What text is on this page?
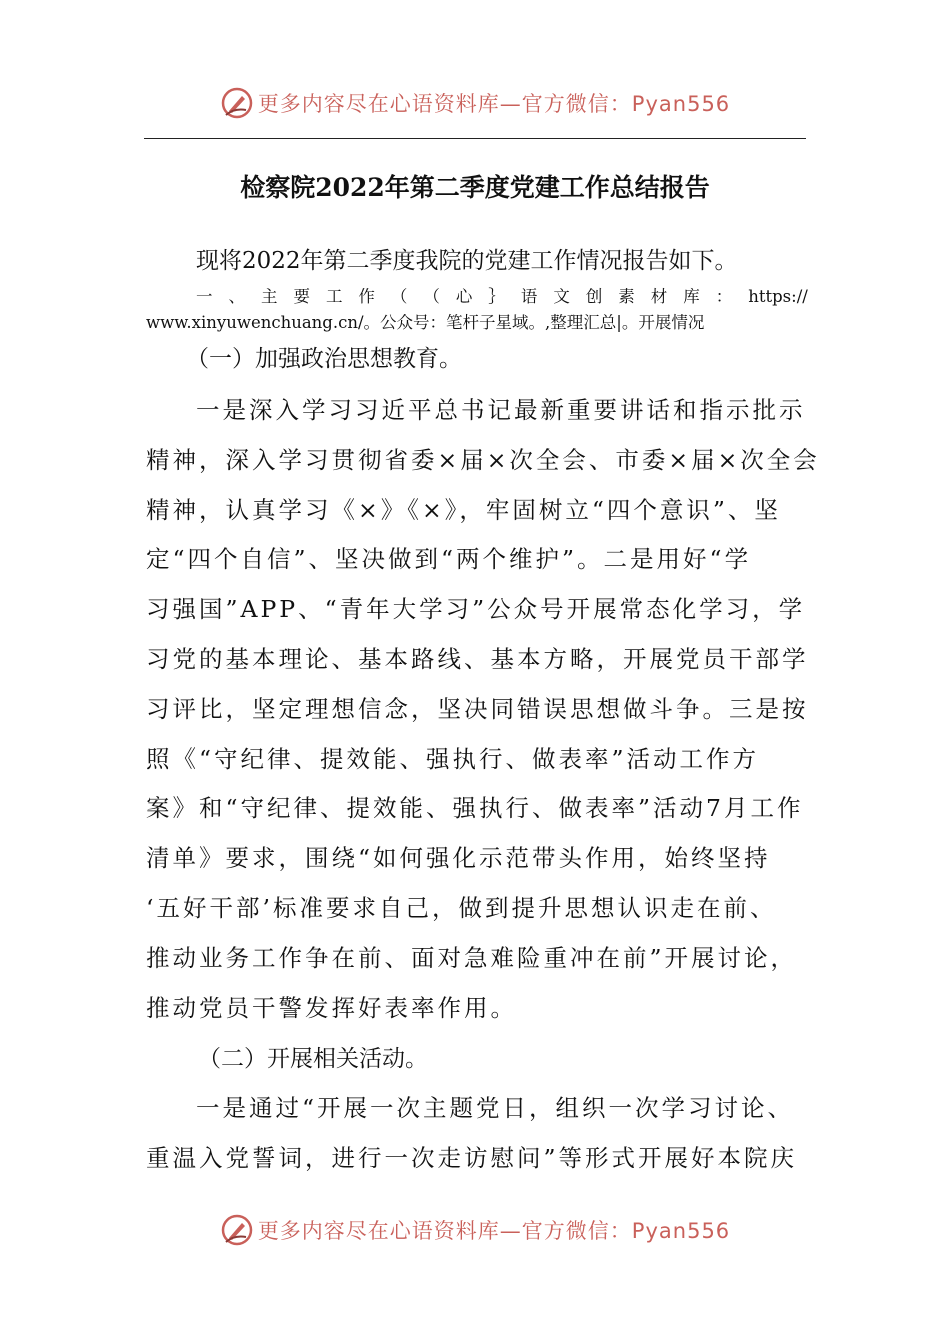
更多内容尽在心语资料库—官方微信：Pyan556
检察院2022年第二季度党建工作总结报告
现将2022年第二季度我院的党建工作情况报告如下。
一 、 主 要 工 作 （ （ 心 ｝ 语 文 创 素 材 库 ： https://
www.xinyuwenchuang.cn/。公众号：笔杆子星域。,整理汇总|。开展情况
（一）加强政治思想教育。
一是深入学习习近平总书记最新重要讲话和指示批示
精神，深入学习贯彻省委×届×次全会、市委×届×次全会
精神，认真学习《×》《×》，牢固树立“四个意识”、坚
定“四个自信”、坚决做到“两个维护”。二是用好“学
习强国”APP、“青年大学习”公众号开展常态化学习，学
习党的基本理论、基本路线、基本方略，开展党员干部学
习评比，坚定理想信念，坚决同错误思想做斗争。三是按
照《“守纪律、提效能、强执行、做表率”活动工作方
案》和“守纪律、提效能、强执行、做表率”活动7月工作
清单》要求，围绕“如何强化示范带头作用，始终坚持
‘五好干部’标准要求自己，做到提升思想认识走在前、
推动业务工作争在前、面对急难险重冲在前”开展讨论，
推动党员干警发挥好表率作用。
（二）开展相关活动。
一是通过“开展一次主题党日，组织一次学习讨论、
重温入党誓词，进行一次走访慰问”等形式开展好本院庆
更多内容尽在心语资料库—官方微信：Pyan556
